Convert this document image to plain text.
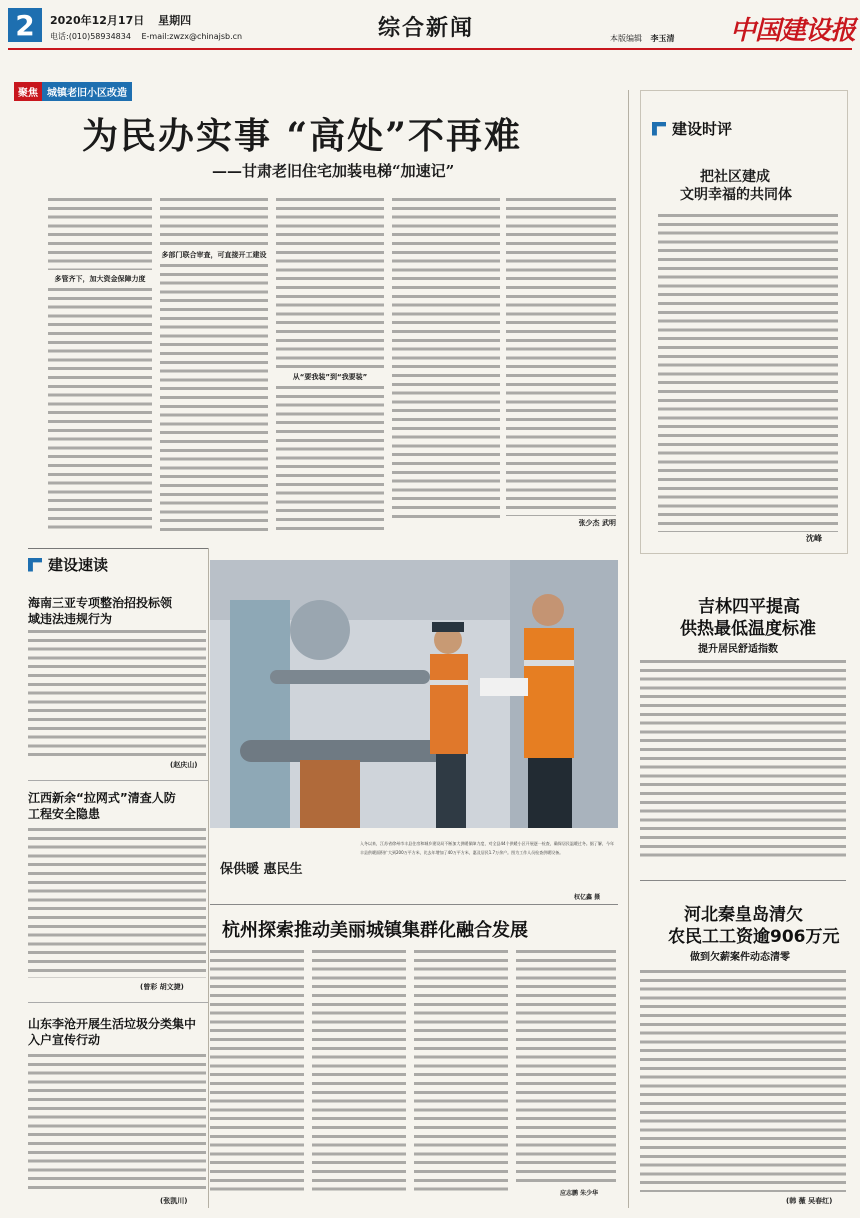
2 2020年12月17日 星期四
电话:(010)58934834 E-mail:zwzx@chinajsb.cn	综合新闻	本版编辑 李玉清 中国建设报
聚焦 城镇老旧小区改造
为民办实事 “高处”不再难
——甘肃老旧住宅加装电梯“加速记”
多管齐下，加大资金保障力度
多部门联合审查，可直接开工建设
从“要我装”到“我要装”
张少杰 武明
建设时评
把社区建成
文明幸福的共同体
沈峰
建设速读
海南三亚专项整治招投标领域违法违规行为
(赵庆山)
江西新余“拉网式”清查人防工程安全隐患
(曾彩 胡文捷)
山东李沧开展生活垃圾分类集中入户宣传行动
(张凯川)
保供暖 惠民生
入冬以来，江苏省徐州市丰县住房和城乡建设局不断加大供暖保障力度，对全县44个供暖小区开展逐一检查，确保居民温暖过冬。据了解，今年丰县供暖面积扩大到200万平方米，比去年增加了40万平方米，惠及居民1.7万余户。图为工作人员检查供暖设备。
权亿鑫 摄
吉林四平提高
供热最低温度标准
提升居民舒适指数
杭州探索推动美丽城镇集群化融合发展
应志鹏 朱少华
河北秦皇岛清欠
农民工工资逾906万元
做到欠薪案件动态清零
(韩 薇 吴春红)
